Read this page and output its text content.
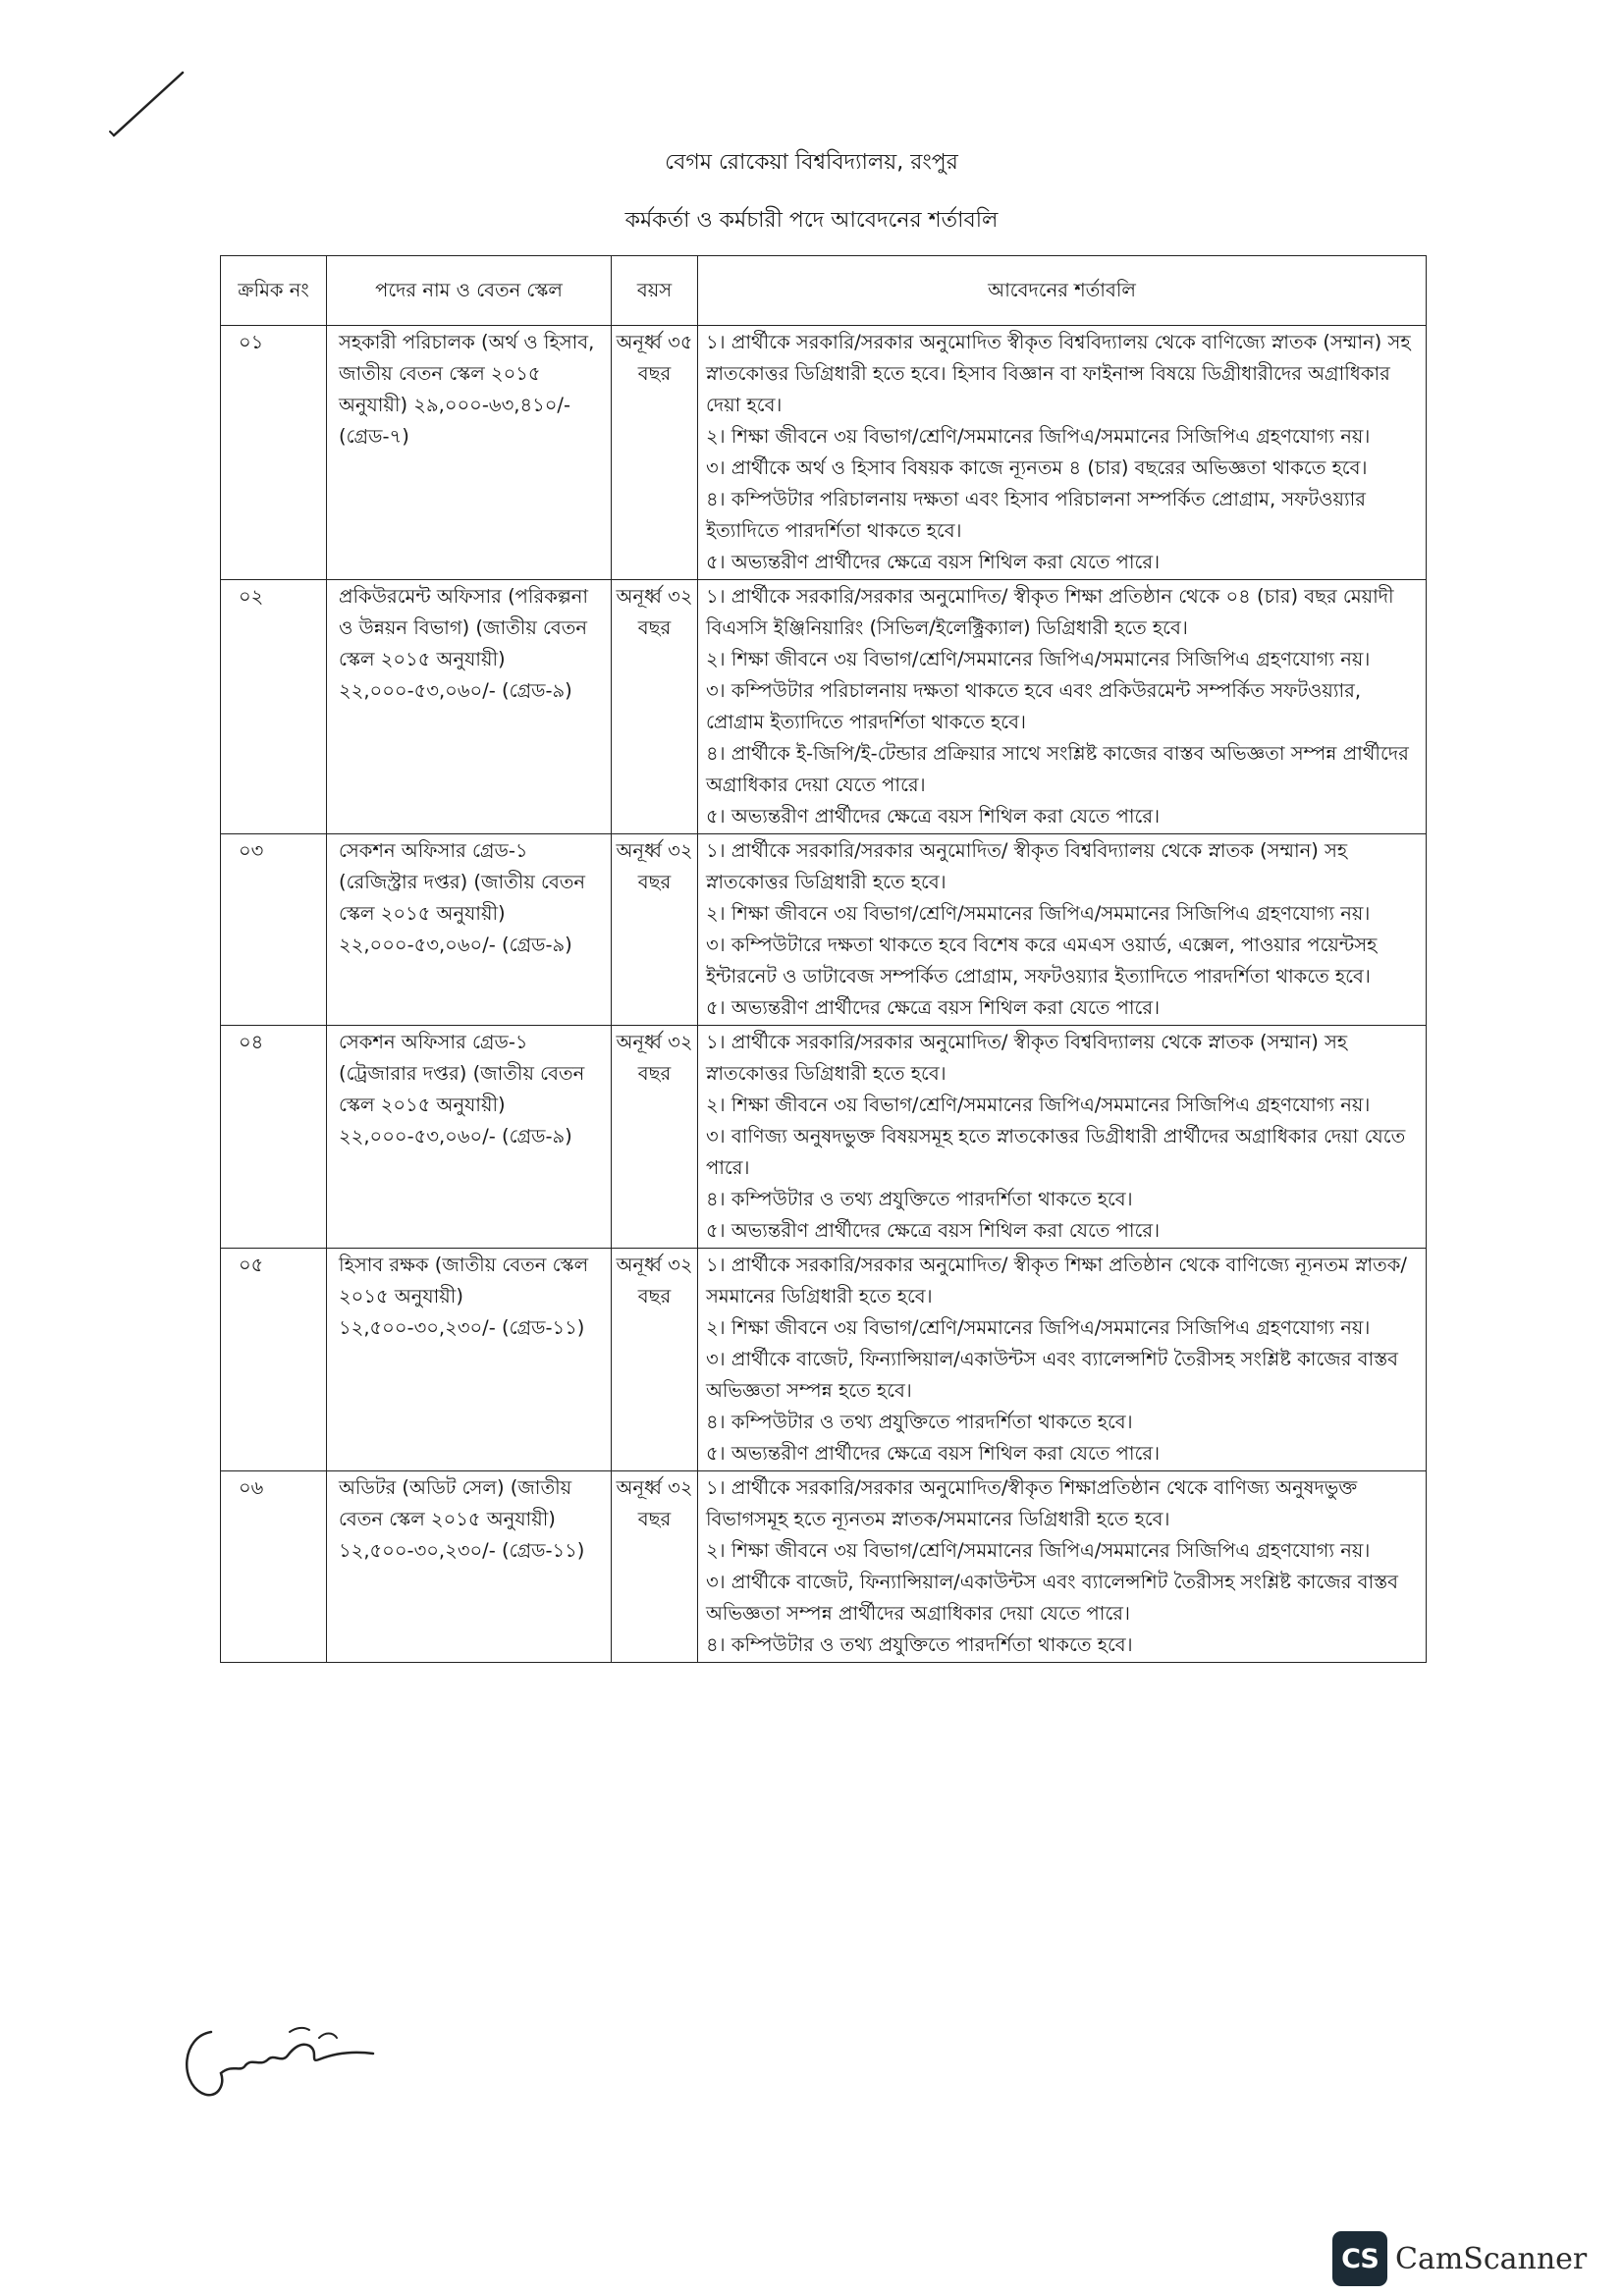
বেগম রোকেয়া বিশ্ববিদ্যালয়, রংপুর
কর্মকর্তা ও কর্মচারী পদে আবেদনের শর্তাবলি
ক্রমিক নং	পদের নাম ও বেতন স্কেল	বয়স	আবেদনের শর্তাবলি
০১	সহকারী পরিচালক (অর্থ ও হিসাব, জাতীয় বেতন স্কেল ২০১৫ অনুযায়ী) ২৯,০০০-৬৩,৪১০/- (গ্রেড-৭)	অনূর্ধ্ব ৩৫ বছর	১। প্রার্থীকে সরকারি/সরকার অনুমোদিত স্বীকৃত বিশ্ববিদ্যালয় থেকে বাণিজ্যে স্নাতক (সম্মান) সহ স্নাতকোত্তর ডিগ্রিধারী হতে হবে। হিসাব বিজ্ঞান বা ফাইনান্স বিষয়ে ডিগ্রীধারীদের অগ্রাধিকার দেয়া হবে।
২। শিক্ষা জীবনে ৩য় বিভাগ/শ্রেণি/সমমানের জিপিএ/সমমানের সিজিপিএ গ্রহণযোগ্য নয়।
৩। প্রার্থীকে অর্থ ও হিসাব বিষয়ক কাজে ন্যূনতম ৪ (চার) বছরের অভিজ্ঞতা থাকতে হবে।
৪। কম্পিউটার পরিচালনায় দক্ষতা এবং হিসাব পরিচালনা সম্পর্কিত প্রোগ্রাম, সফটওয়্যার ইত্যাদিতে পারদর্শিতা থাকতে হবে।
৫। অভ্যন্তরীণ প্রার্থীদের ক্ষেত্রে বয়স শিথিল করা যেতে পারে।

০২	প্রকিউরমেন্ট অফিসার (পরিকল্পনা ও উন্নয়ন বিভাগ) (জাতীয় বেতন স্কেল ২০১৫ অনুযায়ী) ২২,০০০-৫৩,০৬০/- (গ্রেড-৯)	অনূর্ধ্ব ৩২ বছর	১। প্রার্থীকে সরকারি/সরকার অনুমোদিত/ স্বীকৃত শিক্ষা প্রতিষ্ঠান থেকে ০৪ (চার) বছর মেয়াদী বিএসসি ইঞ্জিনিয়ারিং (সিভিল/ইলেক্ট্রিক্যাল) ডিগ্রিধারী হতে হবে।
২। শিক্ষা জীবনে ৩য় বিভাগ/শ্রেণি/সমমানের জিপিএ/সমমানের সিজিপিএ গ্রহণযোগ্য নয়।
৩। কম্পিউটার পরিচালনায় দক্ষতা থাকতে হবে এবং প্রকিউরমেন্ট সম্পর্কিত সফটওয়্যার, প্রোগ্রাম ইত্যাদিতে পারদর্শিতা থাকতে হবে।
৪। প্রার্থীকে ই-জিপি/ই-টেন্ডার প্রক্রিয়ার সাথে সংশ্লিষ্ট কাজের বাস্তব অভিজ্ঞতা সম্পন্ন প্রার্থীদের অগ্রাধিকার দেয়া যেতে পারে।
৫। অভ্যন্তরীণ প্রার্থীদের ক্ষেত্রে বয়স শিথিল করা যেতে পারে।

০৩	সেকশন অফিসার গ্রেড-১ (রেজিস্ট্রার দপ্তর) (জাতীয় বেতন স্কেল ২০১৫ অনুযায়ী) ২২,০০০-৫৩,০৬০/- (গ্রেড-৯)	অনূর্ধ্ব ৩২ বছর	১। প্রার্থীকে সরকারি/সরকার অনুমোদিত/ স্বীকৃত বিশ্ববিদ্যালয় থেকে স্নাতক (সম্মান) সহ স্নাতকোত্তর ডিগ্রিধারী হতে হবে।
২। শিক্ষা জীবনে ৩য় বিভাগ/শ্রেণি/সমমানের জিপিএ/সমমানের সিজিপিএ গ্রহণযোগ্য নয়।
৩। কম্পিউটারে দক্ষতা থাকতে হবে বিশেষ করে এমএস ওয়ার্ড, এক্সেল, পাওয়ার পয়েন্টসহ ইন্টারনেট ও ডাটাবেজ সম্পর্কিত প্রোগ্রাম, সফটওয়্যার ইত্যাদিতে পারদর্শিতা থাকতে হবে।
৫। অভ্যন্তরীণ প্রার্থীদের ক্ষেত্রে বয়স শিথিল করা যেতে পারে।

০৪	সেকশন অফিসার গ্রেড-১ (ট্রেজারার দপ্তর) (জাতীয় বেতন স্কেল ২০১৫ অনুযায়ী) ২২,০০০-৫৩,০৬০/- (গ্রেড-৯)	অনূর্ধ্ব ৩২ বছর	১। প্রার্থীকে সরকারি/সরকার অনুমোদিত/ স্বীকৃত বিশ্ববিদ্যালয় থেকে স্নাতক (সম্মান) সহ স্নাতকোত্তর ডিগ্রিধারী হতে হবে।
২। শিক্ষা জীবনে ৩য় বিভাগ/শ্রেণি/সমমানের জিপিএ/সমমানের সিজিপিএ গ্রহণযোগ্য নয়।
৩। বাণিজ্য অনুষদভুক্ত বিষয়সমূহ হতে স্নাতকোত্তর ডিগ্রীধারী প্রার্থীদের অগ্রাধিকার দেয়া যেতে পারে।
৪। কম্পিউটার ও তথ্য প্রযুক্তিতে পারদর্শিতা থাকতে হবে।
৫। অভ্যন্তরীণ প্রার্থীদের ক্ষেত্রে বয়স শিথিল করা যেতে পারে।

০৫	হিসাব রক্ষক (জাতীয় বেতন স্কেল ২০১৫ অনুযায়ী) ১২,৫০০-৩০,২৩০/- (গ্রেড-১১)	অনূর্ধ্ব ৩২ বছর	১। প্রার্থীকে সরকারি/সরকার অনুমোদিত/ স্বীকৃত শিক্ষা প্রতিষ্ঠান থেকে বাণিজ্যে ন্যূনতম স্নাতক/সমমানের ডিগ্রিধারী হতে হবে।
২। শিক্ষা জীবনে ৩য় বিভাগ/শ্রেণি/সমমানের জিপিএ/সমমানের সিজিপিএ গ্রহণযোগ্য নয়।
৩। প্রার্থীকে বাজেট, ফিন্যান্সিয়াল/একাউন্টস এবং ব্যালেন্সশিট তৈরীসহ সংশ্লিষ্ট কাজের বাস্তব অভিজ্ঞতা সম্পন্ন হতে হবে।
৪। কম্পিউটার ও তথ্য প্রযুক্তিতে পারদর্শিতা থাকতে হবে।
৫। অভ্যন্তরীণ প্রার্থীদের ক্ষেত্রে বয়স শিথিল করা যেতে পারে।

০৬	অডিটর (অডিট সেল) (জাতীয় বেতন স্কেল ২০১৫ অনুযায়ী) ১২,৫০০-৩০,২৩০/- (গ্রেড-১১)	অনূর্ধ্ব ৩২ বছর	১। প্রার্থীকে সরকারি/সরকার অনুমোদিত/স্বীকৃত শিক্ষাপ্রতিষ্ঠান থেকে বাণিজ্য অনুষদভুক্ত বিভাগসমূহ হতে ন্যূনতম স্নাতক/সমমানের ডিগ্রিধারী হতে হবে।
২। শিক্ষা জীবনে ৩য় বিভাগ/শ্রেণি/সমমানের জিপিএ/সমমানের সিজিপিএ গ্রহণযোগ্য নয়।
৩। প্রার্থীকে বাজেট, ফিন্যান্সিয়াল/একাউন্টস এবং ব্যালেন্সশিট তৈরীসহ সংশ্লিষ্ট কাজের বাস্তব অভিজ্ঞতা সম্পন্ন প্রার্থীদের অগ্রাধিকার দেয়া যেতে পারে।
৪। কম্পিউটার ও তথ্য প্রযুক্তিতে পারদর্শিতা থাকতে হবে।
CS CamScanner
